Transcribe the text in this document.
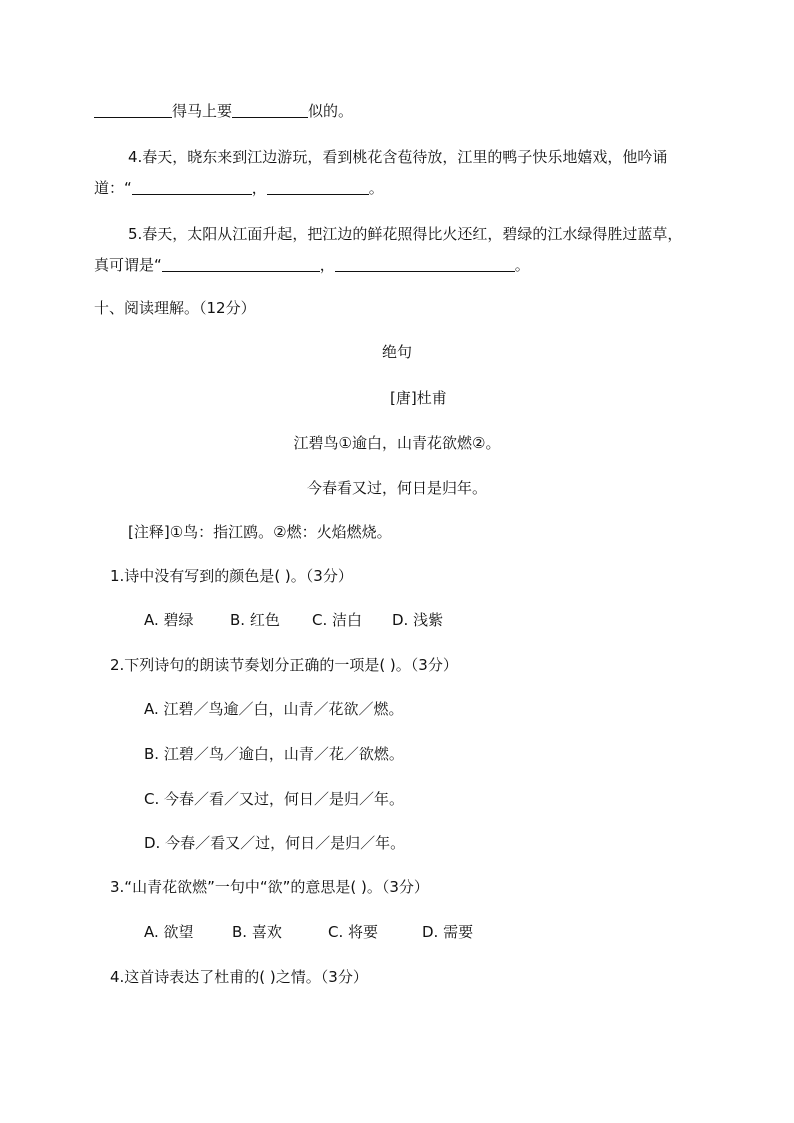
得马上要	似的。
4.春天，晓东来到江边游玩，看到桃花含苞待放，江里的鸭子快乐地嬉戏，他吟诵
道：“	，	。
5.春天，太阳从江面升起，把江边的鲜花照得比火还红，碧绿的江水绿得胜过蓝草，
真可谓是“	，	。
十、阅读理解。（12分）
绝句
[唐]杜甫
江碧鸟①逾白，山青花欲燃②。
今春看又过，何日是归年。
[注释]①鸟：指江鸥。②燃：火焰燃烧。
1.诗中没有写到的颜色是( )。（3分）
A. 碧绿 B. 红色 C. 洁白 D. 浅紫
2.下列诗句的朗读节奏划分正确的一项是( )。（3分）
A. 江碧／鸟逾／白，山青／花欲／燃。
B. 江碧／鸟／逾白，山青／花／欲燃。
C. 今春／看／又过，何日／是归／年。
D. 今春／看又／过，何日／是归／年。
3.“山青花欲燃”一句中“欲”的意思是( )。（3分）
A. 欲望	B. 喜欢	C. 将要	D. 需要
4.这首诗表达了杜甫的( )之情。（3分）
